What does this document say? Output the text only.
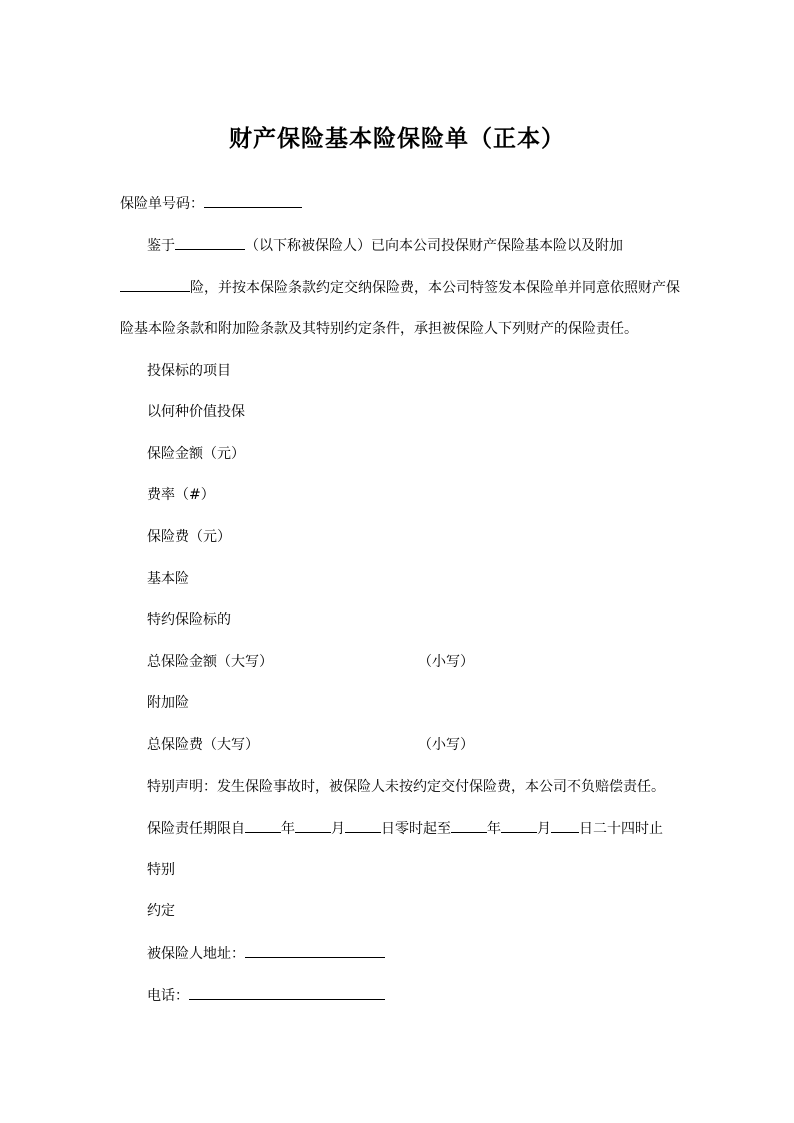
财产保险基本险保险单（正本）
保险单号码：
鉴于	（以下称被保险人）已向本公司投保财产保险基本险以及附加
险，并按本保险条款约定交纳保险费，本公司特签发本保险单并同意依照财产保
险基本险条款和附加险条款及其特别约定条件，承担被保险人下列财产的保险责任。
投保标的项目
以何种价值投保
保险金额（元）
费率（#）
保险费（元）
基本险
特约保险标的
总保险金额（大写）	（小写）
附加险
总保险费（大写）	（小写）
特别声明：发生保险事故时，被保险人未按约定交付保险费，本公司不负赔偿责任。
保险责任期限自	年	月	日零时起至	年	月 日二十四时止
特别
约定
被保险人地址：
电话：
